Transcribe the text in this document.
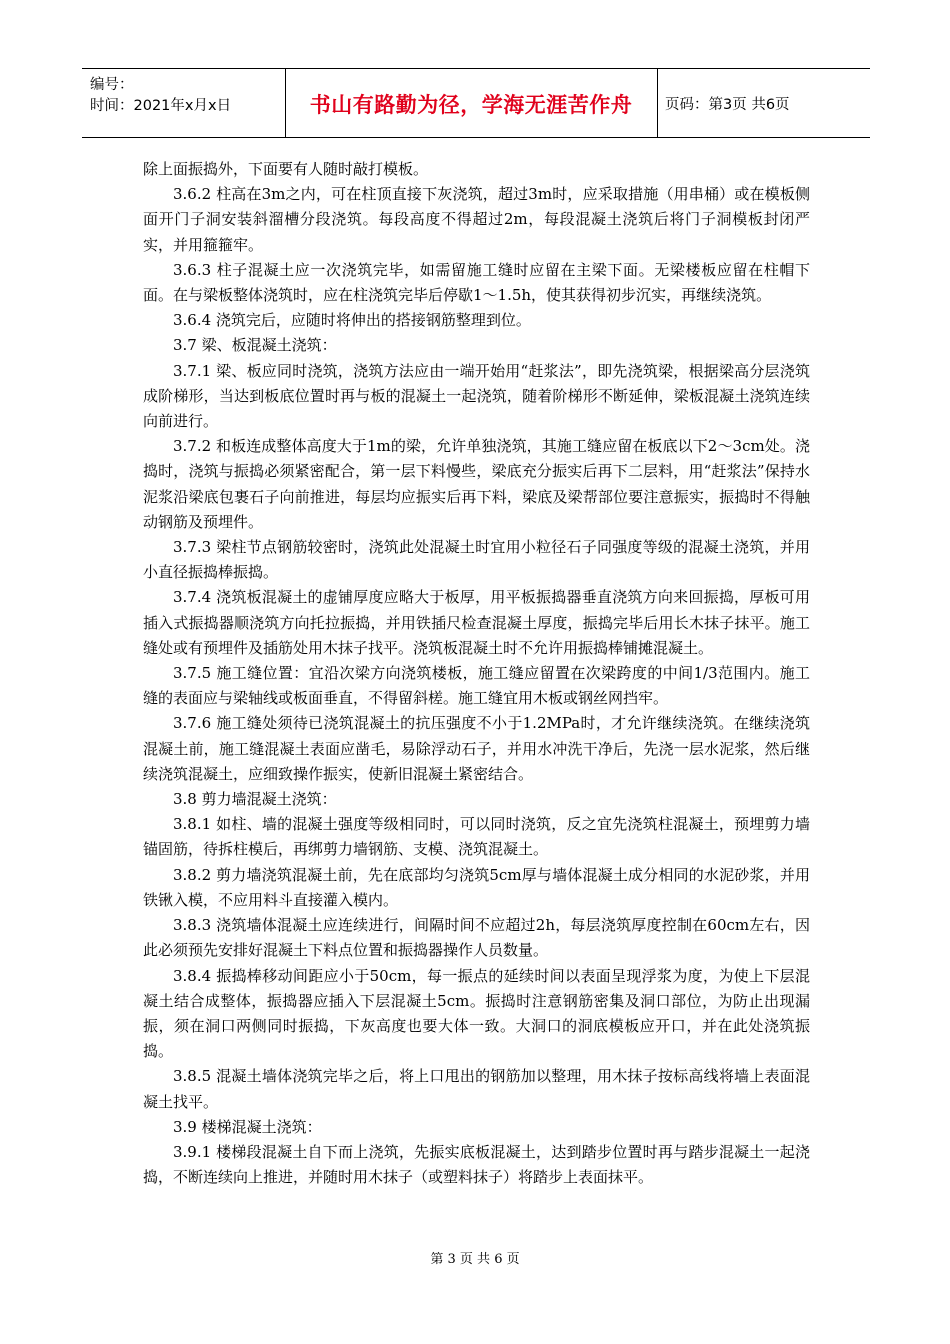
编号：
时间：2021年x月x日	书山有路勤为径，学海无涯苦作舟	页码：第3页 共6页

除上面振捣外，下面要有人随时敲打模板。

3.6.2 柱高在3m之内，可在柱顶直接下灰浇筑，超过3m时，应采取措施（用串桶）或在模板侧面开门子洞安装斜溜槽分段浇筑。每段高度不得超过2m，每段混凝土浇筑后将门子洞模板封闭严实，并用箍箍牢。

3.6.3 柱子混凝土应一次浇筑完毕，如需留施工缝时应留在主梁下面。无梁楼板应留在柱帽下面。在与梁板整体浇筑时，应在柱浇筑完毕后停歇1～1.5h，使其获得初步沉实，再继续浇筑。

3.6.4 浇筑完后，应随时将伸出的搭接钢筋整理到位。

3.7 梁、板混凝土浇筑：

3.7.1 梁、板应同时浇筑，浇筑方法应由一端开始用“赶浆法”，即先浇筑梁，根据梁高分层浇筑成阶梯形，当达到板底位置时再与板的混凝土一起浇筑，随着阶梯形不断延伸，梁板混凝土浇筑连续向前进行。

3.7.2 和板连成整体高度大于1m的梁，允许单独浇筑，其施工缝应留在板底以下2～3cm处。浇捣时，浇筑与振捣必须紧密配合，第一层下料慢些，梁底充分振实后再下二层料，用“赶浆法”保持水泥浆沿梁底包裹石子向前推进，每层均应振实后再下料，梁底及梁帮部位要注意振实，振捣时不得触动钢筋及预埋件。

3.7.3 梁柱节点钢筋较密时，浇筑此处混凝土时宜用小粒径石子同强度等级的混凝土浇筑，并用小直径振捣棒振捣。

3.7.4 浇筑板混凝土的虚铺厚度应略大于板厚，用平板振捣器垂直浇筑方向来回振捣，厚板可用插入式振捣器顺浇筑方向托拉振捣，并用铁插尺检查混凝土厚度，振捣完毕后用长木抹子抹平。施工缝处或有预埋件及插筋处用木抹子找平。浇筑板混凝土时不允许用振捣棒铺摊混凝土。

3.7.5 施工缝位置：宜沿次梁方向浇筑楼板，施工缝应留置在次梁跨度的中间1/3范围内。施工缝的表面应与梁轴线或板面垂直，不得留斜槎。施工缝宜用木板或钢丝网挡牢。

3.7.6 施工缝处须待已浇筑混凝土的抗压强度不小于1.2MPa时，才允许继续浇筑。在继续浇筑混凝土前，施工缝混凝土表面应凿毛，易除浮动石子，并用水冲洗干净后，先浇一层水泥浆，然后继续浇筑混凝土，应细致操作振实，使新旧混凝土紧密结合。

3.8 剪力墙混凝土浇筑：

3.8.1 如柱、墙的混凝土强度等级相同时，可以同时浇筑，反之宜先浇筑柱混凝土，预埋剪力墙锚固筋，待拆柱模后，再绑剪力墙钢筋、支模、浇筑混凝土。

3.8.2 剪力墙浇筑混凝土前，先在底部均匀浇筑5cm厚与墙体混凝土成分相同的水泥砂浆，并用铁锹入模，不应用料斗直接灌入模内。

3.8.3 浇筑墙体混凝土应连续进行，间隔时间不应超过2h，每层浇筑厚度控制在60cm左右，因此必须预先安排好混凝土下料点位置和振捣器操作人员数量。

3.8.4 振捣棒移动间距应小于50cm，每一振点的延续时间以表面呈现浮浆为度，为使上下层混凝土结合成整体，振捣器应插入下层混凝土5cm。振捣时注意钢筋密集及洞口部位，为防止出现漏振，须在洞口两侧同时振捣，下灰高度也要大体一致。大洞口的洞底模板应开口，并在此处浇筑振捣。

3.8.5 混凝土墙体浇筑完毕之后，将上口甩出的钢筋加以整理，用木抹子按标高线将墙上表面混凝土找平。

3.9 楼梯混凝土浇筑：

3.9.1 楼梯段混凝土自下而上浇筑，先振实底板混凝土，达到踏步位置时再与踏步混凝土一起浇捣，不断连续向上推进，并随时用木抹子（或塑料抹子）将踏步上表面抹平。

第 3 页 共 6 页
